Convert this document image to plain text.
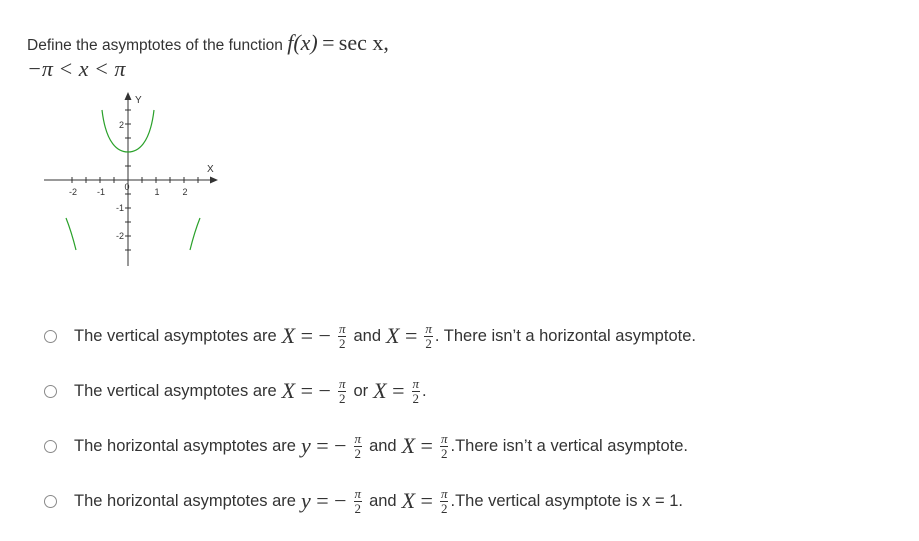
Define the asymptotes of the function f(x) = sec x,
−π < x < π
Y
X
-2 -1 0	1	2
2
-1
-2
The vertical asymptotes are X = − $\frac{\pi}{2}$ and $X = \frac{\pi}{2}$ . There isn’t a horizontal asymptote.
The vertical asymptotes are X = − $\frac{\pi}{2}$ or $X = \frac{\pi}{2}$ .
The horizontal asymptotes are y = − $\frac{\pi}{2}$ and $X = \frac{\pi}{2}$ .There isn’t a vertical asymptote.
The horizontal asymptotes are y = − $\frac{\pi}{2}$ and $X = \frac{\pi}{2} .The$ vertical asymptote is x = 1.
